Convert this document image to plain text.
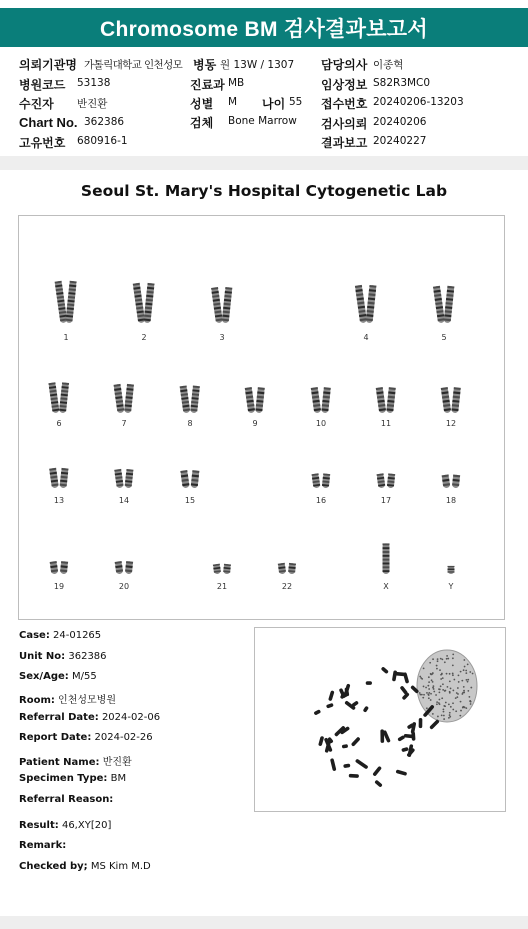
Chromosome BM 검사결과보고서
의뢰기관명 가톨릭대학교 인천성모 병동 원 13W / 1307 담당의사 이종혁
병원코드 53138	진료과 MB	임상정보 S82R3MC0
수진자 반진환	성별 M 나이 55 접수번호 20240206-13203
Chart No. 362386	검체 Bone Marrow 검사의뢰 20240206
고유번호 680916-1	결과보고 20240227
Seoul St. Mary's Hospital Cytogenetic Lab
1	2	3	4	5
6	7	8	9	10	11	12
13	14	15	16	17	18
19	20	21	22	X	Y
Case: 24-01265
Unit No: 362386
Sex/Age: M/55
Room: 인천성모병원
Referral Date: 2024-02-06
Report Date: 2024-02-26
Patient Name: 반진환
Specimen Type: BM
Referral Reason:
Result: 46,XY[20]
Remark:
Checked by; MS Kim M.D
